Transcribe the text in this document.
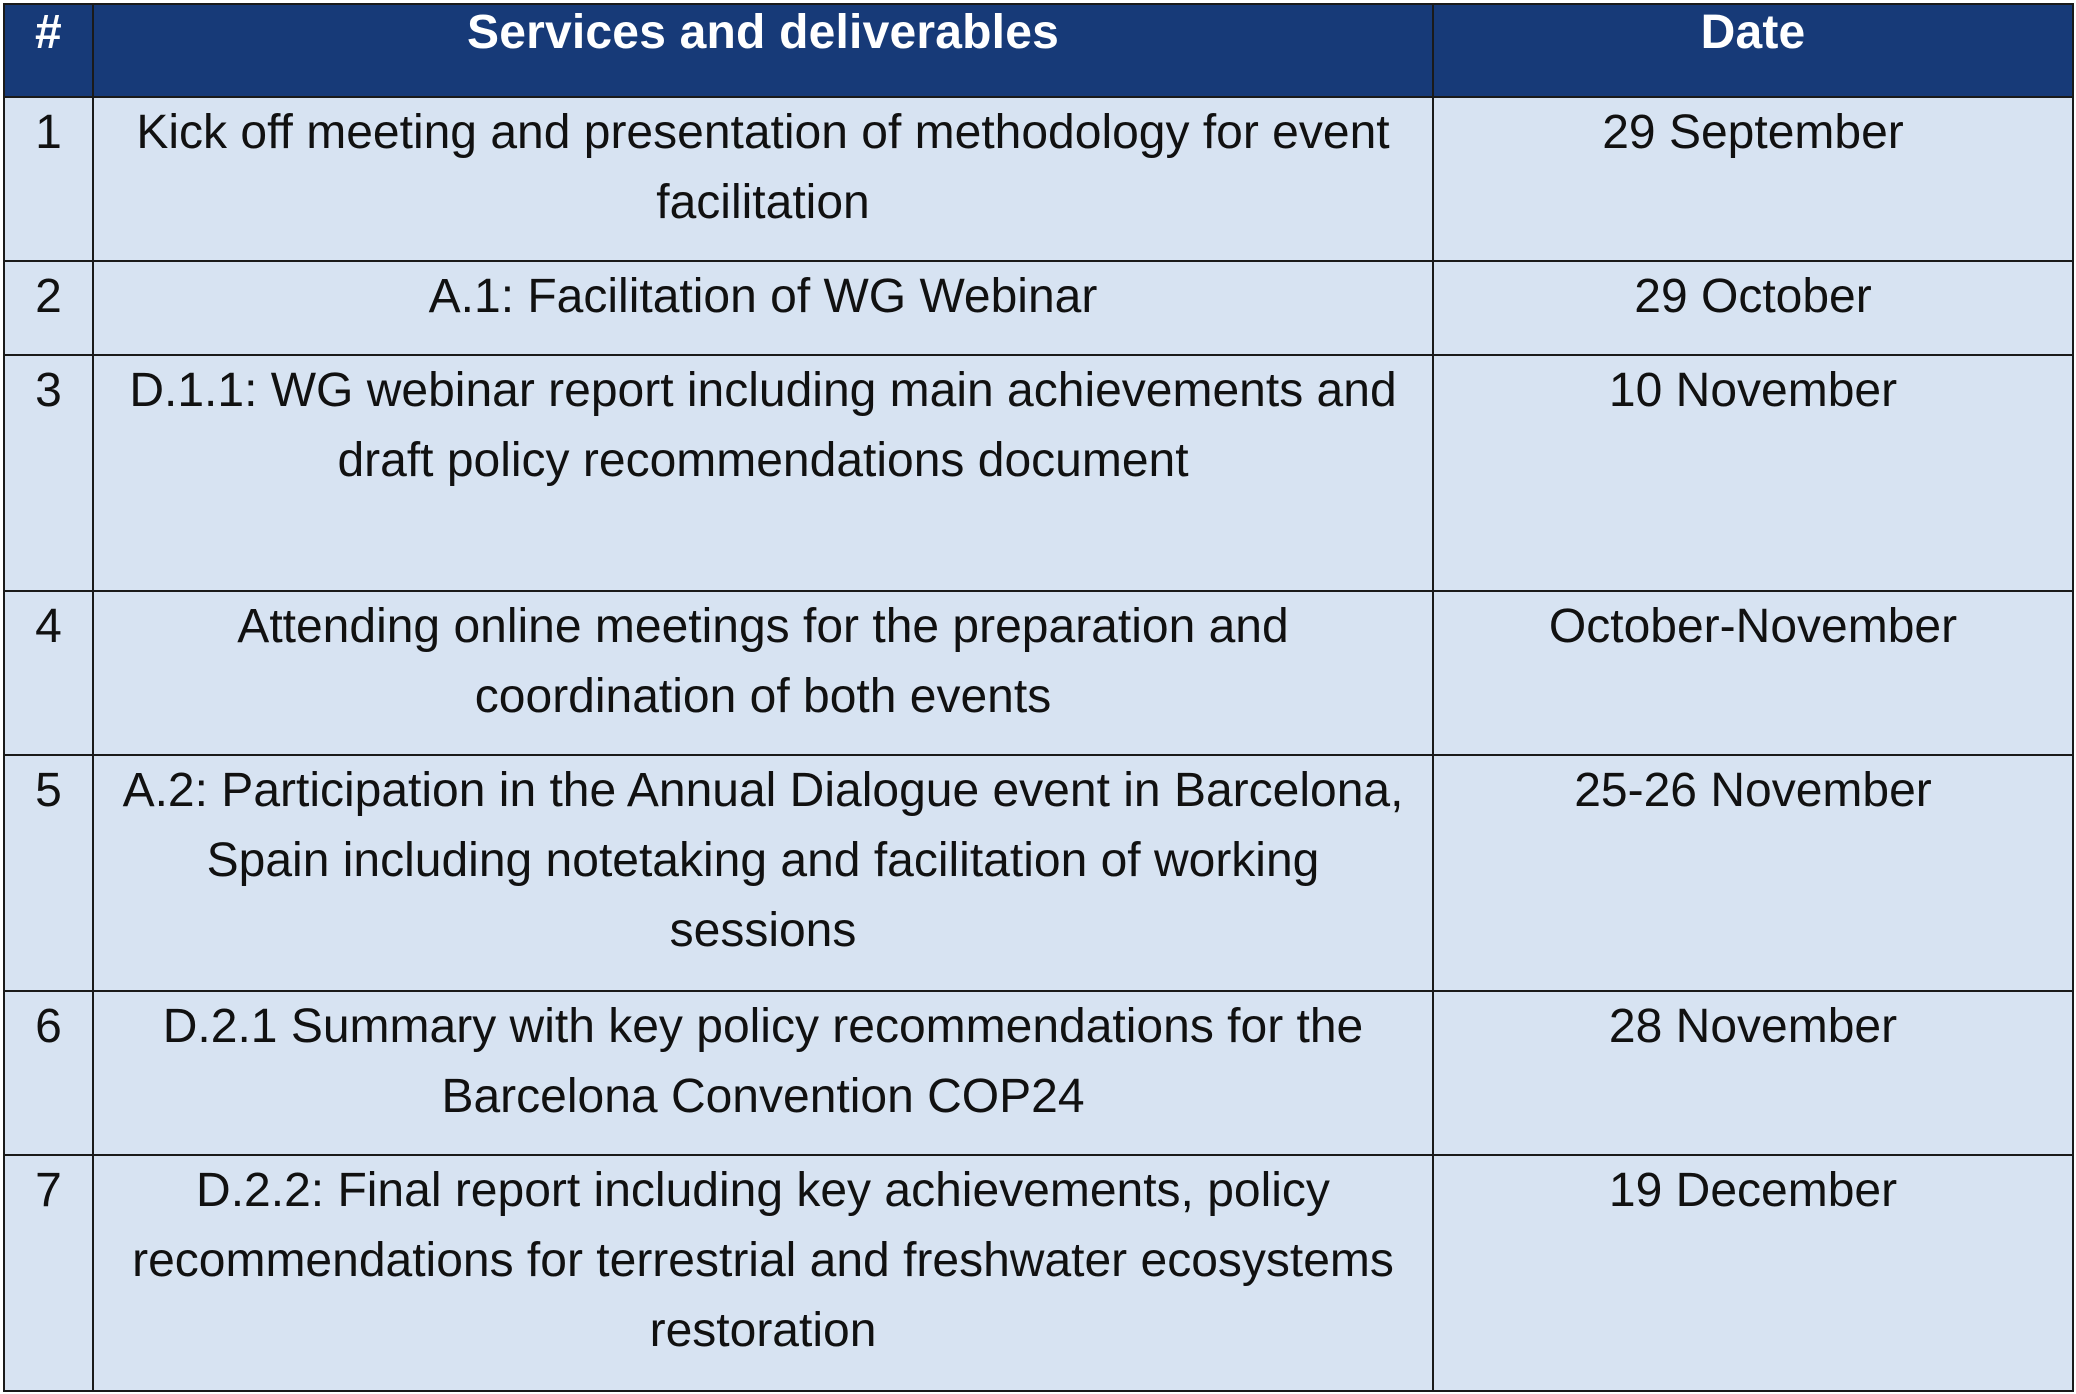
#	Services and deliverables	Date
1	Kick off meeting and presentation of methodology for event facilitation	29 September
2	A.1: Facilitation of WG Webinar	29 October
3	D.1.1: WG webinar report including main achievements and draft policy recommendations document	10 November
4	Attending online meetings for the preparation and coordination of both events	October-November
5	A.2: Participation in the Annual Dialogue event in Barcelona, Spain including notetaking and facilitation of working sessions	25-26 November
6	D.2.1 Summary with key policy recommendations for the Barcelona Convention COP24	28 November
7	D.2.2: Final report including key achievements, policy recommendations for terrestrial and freshwater ecosystems restoration	19 December
